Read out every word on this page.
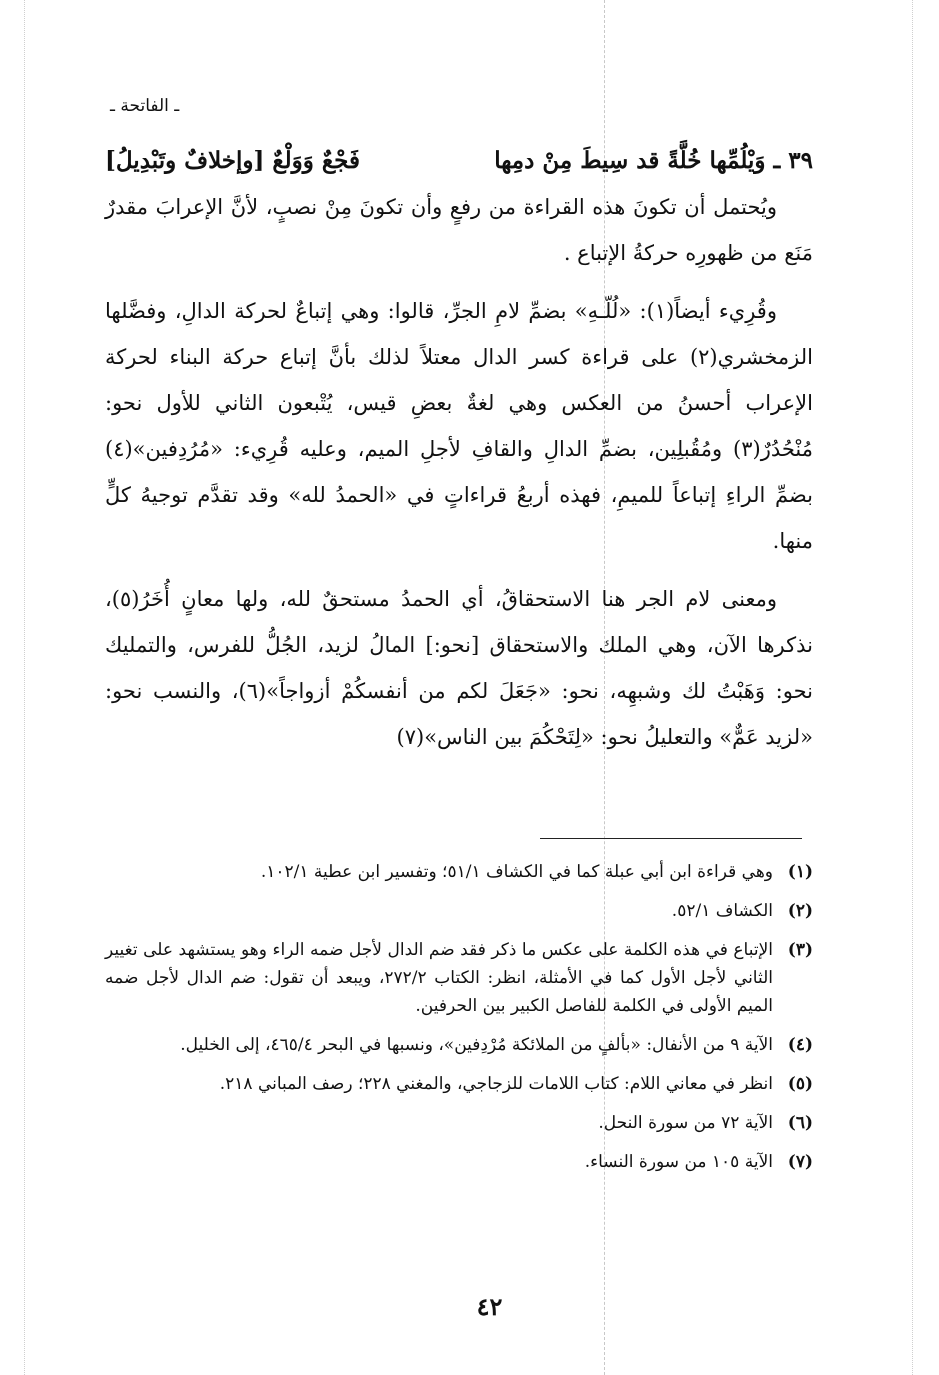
ـ الفاتحة ـ
٣٩ ـ وَيْلُمِّها خُلَّةً قد سِيطَ مِنْ دمِها
فَجْعٌ وَوَلْعٌ [وإخلافٌ وتَبْدِيلُ]

ويُحتمل أن تكونَ هذه القراءة من رفعٍ وأن تكونَ مِنْ نصبٍ، لأنَّ الإعرابَ مقدرٌ مَنَع من ظهورِه حركةُ الإتباع .

وقُرِيء أيضاً(١): «لُلّـهِ» بضمِّ لامِ الجرِّ، قالوا: وهي إتباعٌ لحركة الدالِ، وفضَّلها الزمخشري(٢) على قراءة كسر الدال معتلاً لذلك بأنَّ إتباع حركة البناء لحركة الإعراب أحسنُ من العكس وهي لغةٌ بعضِ قيس، يُتْبعون الثاني للأول نحو: مُنْحُدُرٌ(٣) ومُقُبلِين، بضمِّ الدالِ والقافِ لأجلِ الميم، وعليه قُرِيء: «مُرُدِفين»(٤) بضمِّ الراءِ إتباعاً للميمِ، فهذه أربعُ قراءاتٍ في «الحمدُ لله» وقد تقدَّم توجيهُ كلٍّ منها.

ومعنى لام الجر هنا الاستحقاقُ، أي الحمدُ مستحقٌ لله، ولها معانٍ أُخَرُ(٥)، نذكرها الآن، وهي الملك والاستحقاق [نحو:] المالُ لزيد، الجُلُّ للفرس، والتمليك نحو: وَهَبْتُ لك وشبهِه، نحو: «جَعَلَ لكم من أنفسكُمْ أزواجاً»(٦)، والنسب نحو: «لزيد عَمٌّ» والتعليلُ نحو: «لِتَحْكُمَ بين الناس»(٧)

(١)
وهي قراءة ابن أبي عبلة كما في الكشاف ٥١/١؛ وتفسير ابن عطية ١٠٢/١.
(٢)
الكشاف ٥٢/١.
(٣)
الإتباع في هذه الكلمة على عكس ما ذكر فقد ضم الدال لأجل ضمه الراء وهو يستشهد على تغيير الثاني لأجل الأول كما في الأمثلة، انظر: الكتاب ٢٧٢/٢، ويبعد أن تقول: ضم الدال لأجل ضمه الميم الأولى في الكلمة للفاصل الكبير بين الحرفين.
(٤)
الآية ٩ من الأنفال: «بألفٍ من الملائكة مُرْدِفين»، ونسبها في البحر ٤٦٥/٤، إلى الخليل.
(٥)
انظر في معاني اللام: كتاب اللامات للزجاجي، والمغني ٢٢٨؛ رصف المباني ٢١٨.
(٦)
الآية ٧٢ من سورة النحل.
(٧)
الآية ١٠٥ من سورة النساء.
٤٢
